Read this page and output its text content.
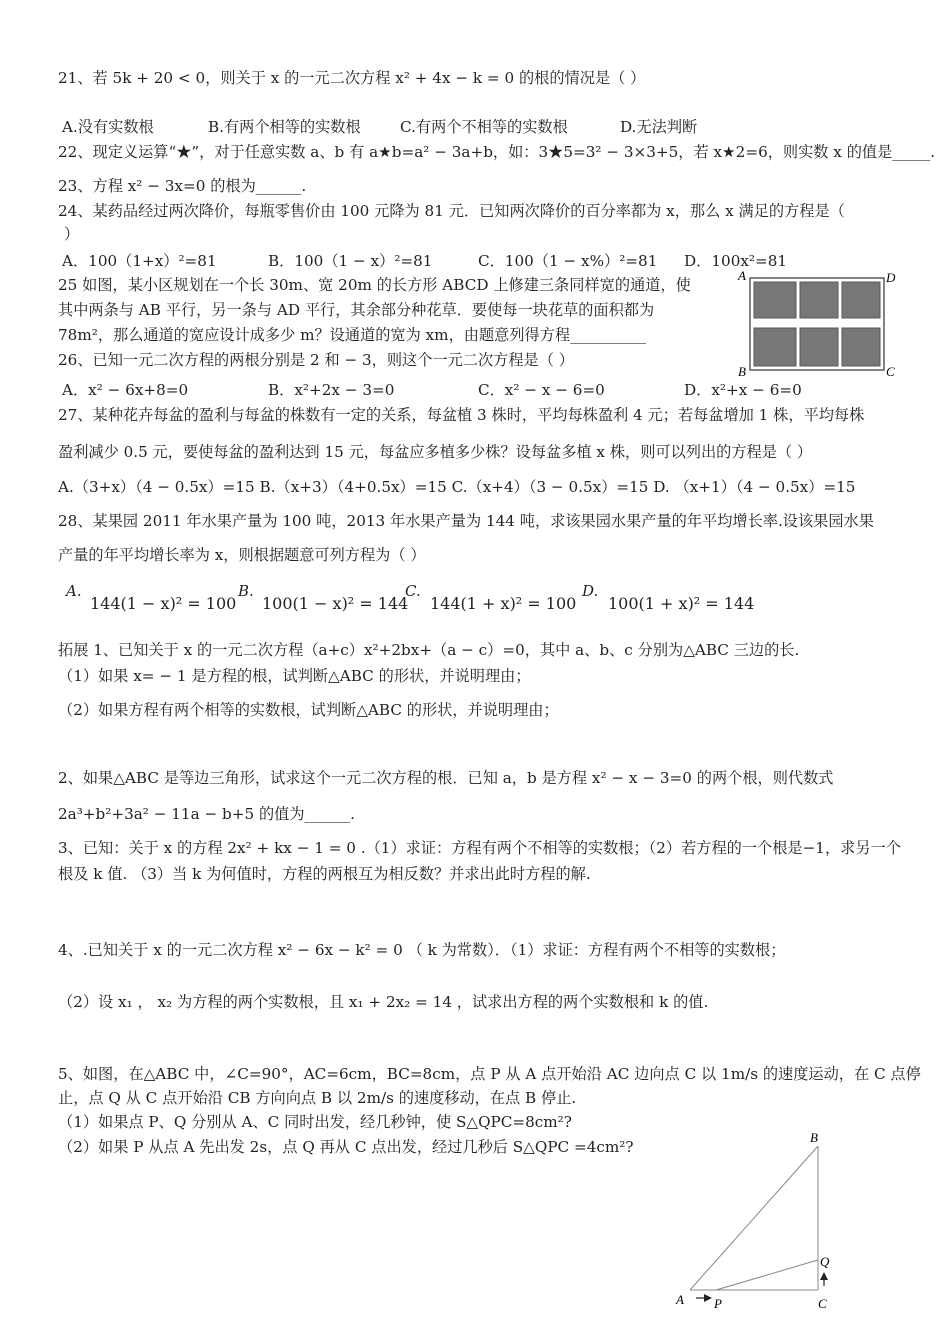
21、若 5k + 20 < 0，则关于 x 的一元二次方程 x² + 4x − k = 0 的根的情况是（ ）
A.没有实数根	B.有两个相等的实数根	C.有两个不相等的实数根	D.无法判断
22、现定义运算“★”，对于任意实数 a、b 有 a★b=a² − 3a+b，如：3★5=3² − 3×3+5，若 x★2=6，则实数 x 的值是_____.
23、方程 x² − 3x=0 的根为______.
24、某药品经过两次降价，每瓶零售价由 100 元降为 81 元．已知两次降价的百分率都为 x，那么 x 满足的方程是（
）
A．100（1+x）²=81	B．100（1 − x）²=81	C．100（1 − x%）²=81 D．100x²=81
25 如图，某小区规划在一个长 30m、宽 20m 的长方形 ABCD 上修建三条同样宽的通道，使
其中两条与 AB 平行，另一条与 AD 平行，其余部分种花草．要使每一块花草的面积都为
78m²，那么通道的宽应设计成多少 m？设通道的宽为 xm，由题意列得方程__________
A	D
B	C
26、已知一元二次方程的两根分别是 2 和 − 3，则这个一元二次方程是（ ）
A．x² − 6x+8=0	B．x²+2x − 3=0	C．x² − x − 6=0	D．x²+x − 6=0
27、某种花卉每盆的盈利与每盆的株数有一定的关系，每盆植 3 株时，平均每株盈利 4 元；若每盆增加 1 株，平均每株
盈利减少 0.5 元，要使每盆的盈利达到 15 元，每盆应多植多少株？设每盆多植 x 株，则可以列出的方程是（ ）
A.（3+x）（4 − 0.5x）=15 B.（x+3）（4+0.5x）=15 C.（x+4）（3 − 0.5x）=15 D. （x+1）（4 − 0.5x）=15
28、某果园 2011 年水果产量为 100 吨，2013 年水果产量为 144 吨，求该果园水果产量的年平均增长率.设该果园水果
产量的年平均增长率为 x，则根据题意可列方程为（ ）
A.
144(1 − x)² = 100
B.
100(1 − x)² = 144
C.
144(1 + x)² = 100
D.
100(1 + x)² = 144
拓展 1、已知关于 x 的一元二次方程（a+c）x²+2bx+（a − c）=0，其中 a、b、c 分别为△ABC 三边的长.
（1）如果 x= − 1 是方程的根，试判断△ABC 的形状，并说明理由；
（2）如果方程有两个相等的实数根，试判断△ABC 的形状，并说明理由；
2、如果△ABC 是等边三角形，试求这个一元二次方程的根．已知 a，b 是方程 x² − x − 3=0 的两个根，则代数式
2a³+b²+3a² − 11a − b+5 的值为______.
3、已知：关于 x 的方程 2x² + kx − 1 = 0 .（1）求证：方程有两个不相等的实数根；（2）若方程的一个根是−1，求另一个
根及 k 值. （3）当 k 为何值时，方程的两根互为相反数？并求出此时方程的解.
4、.已知关于 x 的一元二次方程 x² − 6x − k² = 0 （ k 为常数）．（1）求证：方程有两个不相等的实数根；
（2）设 x₁ ， x₂ 为方程的两个实数根，且 x₁ + 2x₂ = 14 ，试求出方程的两个实数根和 k 的值.
5、如图，在△ABC 中，∠C=90°，AC=6cm，BC=8cm，点 P 从 A 点开始沿 AC 边向点 C 以 1m/s 的速度运动，在 C 点停
止，点 Q 从 C 点开始沿 CB 方向向点 B 以 2m/s 的速度移动，在点 B 停止.
（1）如果点 P、Q 分别从 A、C 同时出发，经几秒钟，使 S△QPC=8cm²?
（2）如果 P 从点 A 先出发 2s，点 Q 再从 C 点出发，经过几秒后 S△QPC =4cm²?
A
B
C
P
Q
